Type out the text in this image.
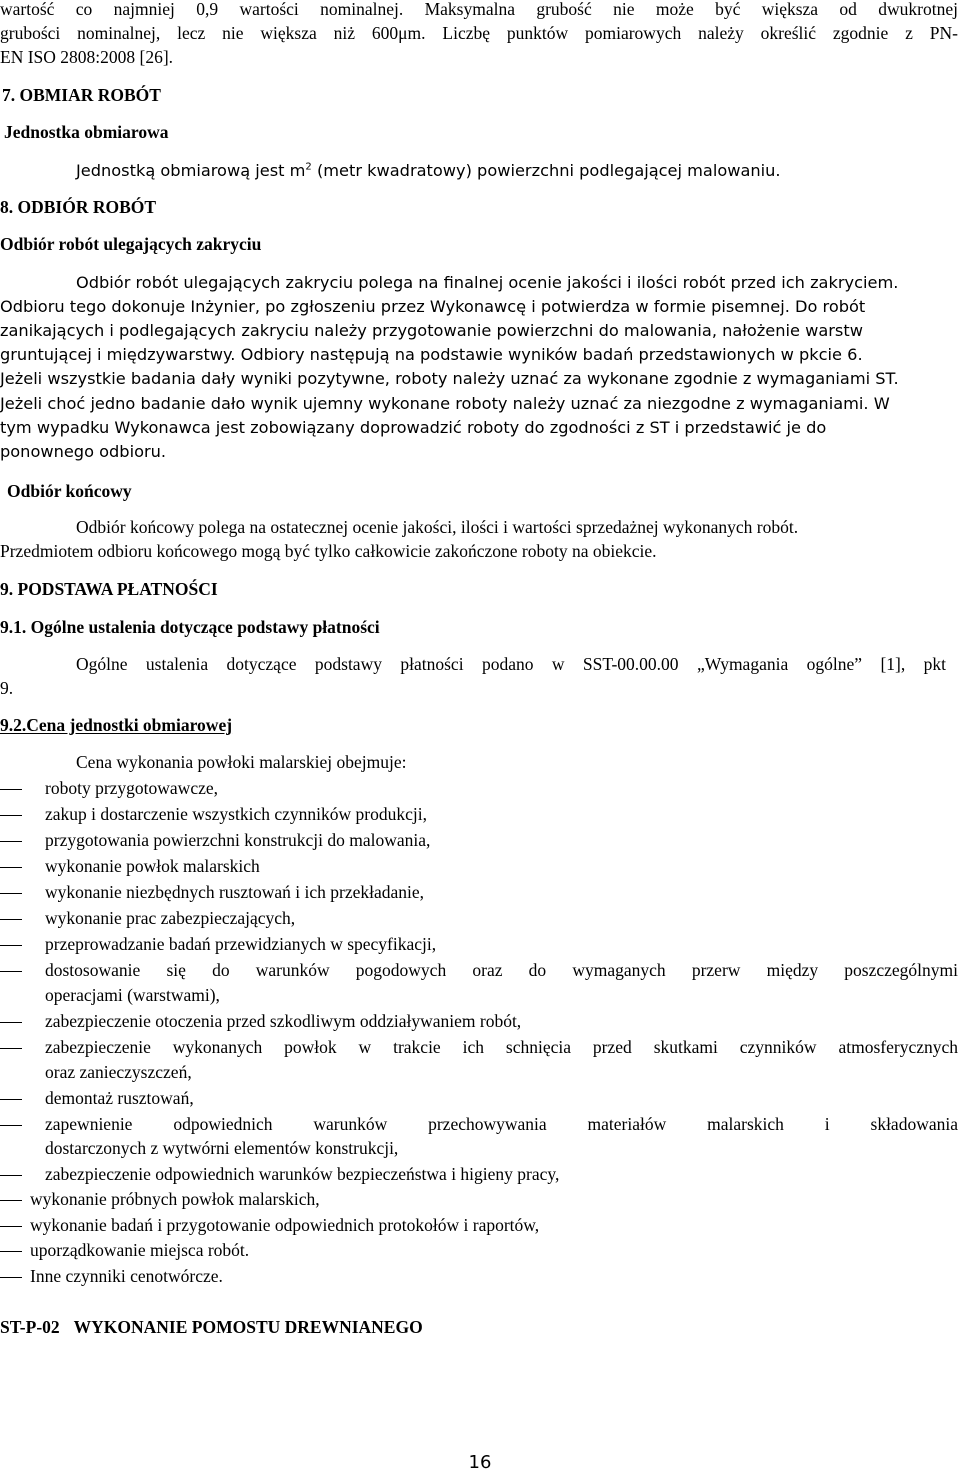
wartość co najmniej 0,9 wartości nominalnej. Maksymalna grubość nie może być większa od dwukrotnej
grubości nominalnej, lecz nie większa niż 600μm. Liczbę punktów pomiarowych należy określić zgodnie z PN-
EN ISO 2808:2008 [26].
7. OBMIAR ROBÓT
Jednostka obmiarowa
Jednostką obmiarową jest $m^2$ (metr kwadratowy) powierzchni podlegającej malowaniu.
8. ODBIÓR ROBÓT
Odbiór robót ulegających zakryciu
Odbiór robót ulegających zakryciu polega na finalnej ocenie jakości i ilości robót przed ich zakryciem.
Odbioru tego dokonuje Inżynier, po zgłoszeniu przez Wykonawcę i potwierdza w formie pisemnej. Do robót
zanikających i podlegających zakryciu należy przygotowanie powierzchni do malowania, nałożenie warstw
gruntującej i międzywarstwy. Odbiory następują na podstawie wyników badań przedstawionych w pkcie 6.
Jeżeli wszystkie badania dały wyniki pozytywne, roboty należy uznać za wykonane zgodnie z wymaganiami ST.
Jeżeli choć jedno badanie dało wynik ujemny wykonane roboty należy uznać za niezgodne z wymaganiami. W
tym wypadku Wykonawca jest zobowiązany doprowadzić roboty do zgodności z ST i przedstawić je do
ponownego odbioru.
Odbiór końcowy
Odbiór końcowy polega na ostatecznej ocenie jakości, ilości i wartości sprzedażnej wykonanych robót.
Przedmiotem odbioru końcowego mogą być tylko całkowicie zakończone roboty na obiekcie.
9. PODSTAWA PŁATNOŚCI
9.1. Ogólne ustalenia dotyczące podstawy płatności
Ogólne ustalenia dotyczące podstawy płatności podano w SST-00.00.00 „Wymagania ogólne” [1], pkt
9.
9.2.Cena jednostki obmiarowej
Cena wykonania powłoki malarskiej obejmuje:
roboty przygotowawcze,
zakup i dostarczenie wszystkich czynników produkcji,
przygotowania powierzchni konstrukcji do malowania,
wykonanie powłok malarskich
wykonanie niezbędnych rusztowań i ich przekładanie,
wykonanie prac zabezpieczających,
przeprowadzanie badań przewidzianych w specyfikacji,
dostosowanie się do warunków pogodowych oraz do wymaganych przerw między poszczególnymi
operacjami (warstwami),
zabezpieczenie otoczenia przed szkodliwym oddziaływaniem robót,
zabezpieczenie wykonanych powłok w trakcie ich schnięcia przed skutkami czynników atmosferycznych
oraz zanieczyszczeń,
demontaż rusztowań,
zapewnienie odpowiednich warunków przechowywania materiałów malarskich i składowania
dostarczonych z wytwórni elementów konstrukcji,
zabezpieczenie odpowiednich warunków bezpieczeństwa i higieny pracy,
wykonanie próbnych powłok malarskich,
wykonanie badań i przygotowanie odpowiednich protokołów i raportów,
uporządkowanie miejsca robót.
Inne czynniki cenotwórcze.
ST-P-02 WYKONANIE POMOSTU DREWNIANEGO
16
